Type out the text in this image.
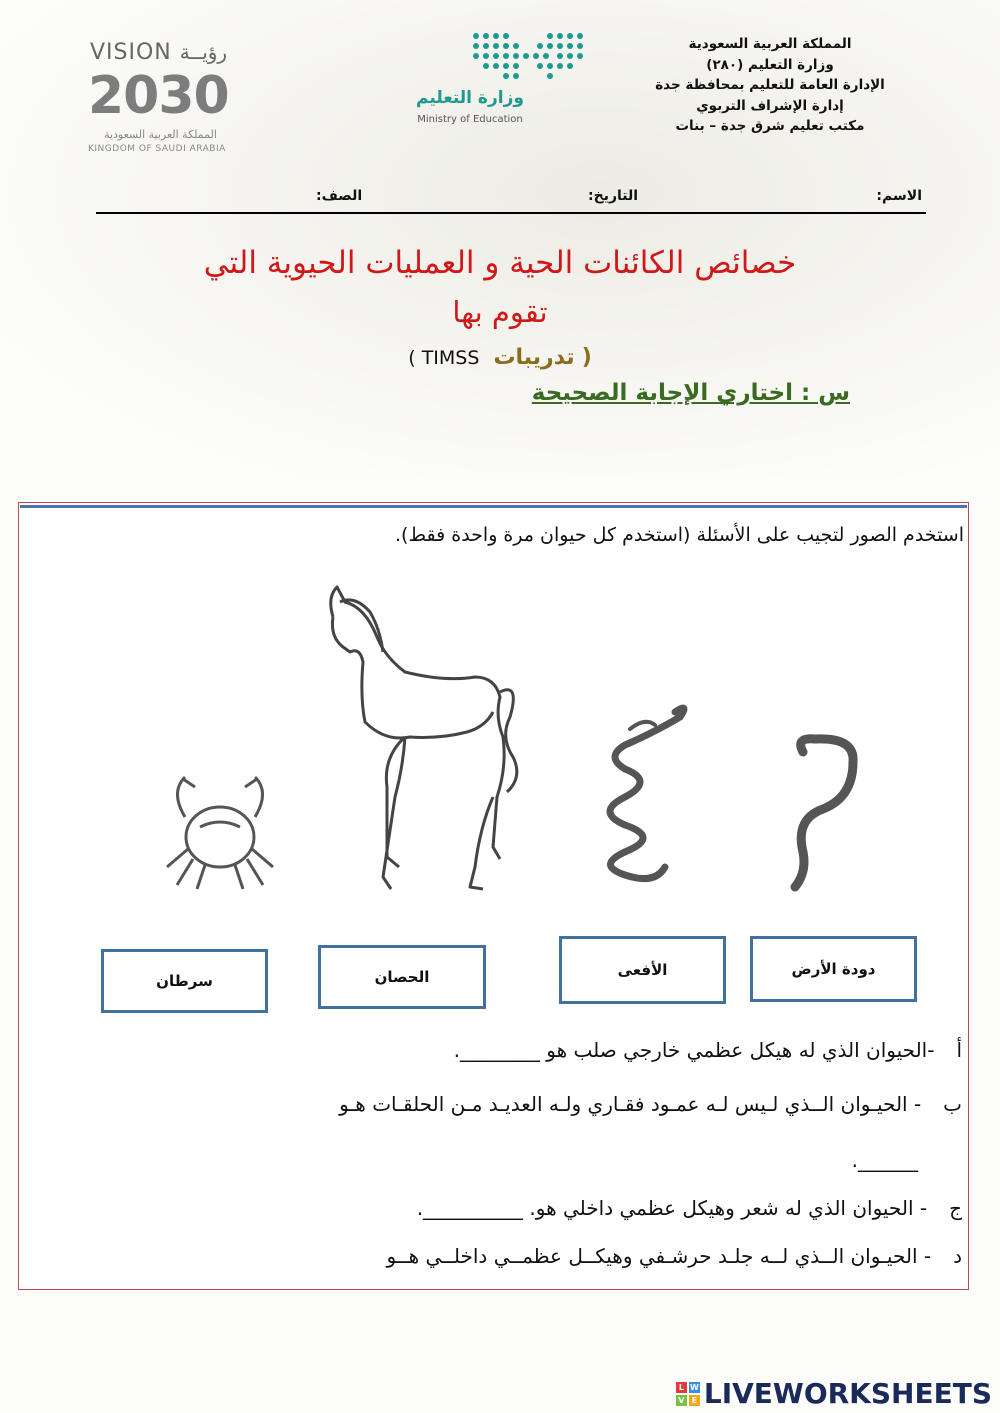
VISION رؤيــة
2030
المملكة العربية السعودية
KINGDOM OF SAUDI ARABIA
وزارة التعليم
Ministry of Education
المملكة العربية السعودية
وزارة التعليم (٢٨٠)
الإدارة العامة للتعليم بمحافظة جدة
إدارة الإشراف التربوي
مكتب تعليم شرق جدة – بنات
الاسم:
التاريخ:
الصف:
خصائص الكائنات الحية و العمليات الحيوية التي
تقوم بها
( تدريبات  TIMSS )
س : اختاري الإجابة الصحيحة
استخدم الصور لتجيب على الأسئلة (استخدم كل حيوان مرة واحدة فقط).
سرطان	الحصان	الأفعى	دودة الأرض
أ-الحيوان الذي له هيكل عظمي خارجي صلب هو ________.
ب- الحيـوان الــذي لـيس لـه عمـود فقـاري ولـه العديـد مـن الحلقـات هـو
______.
ج- الحيوان الذي له شعر وهيكل عظمي داخلي هو. __________.
د- الحيـوان الــذي لــه جلـد حرشـفي وهيكــل عظمــي داخلــي هــو
L W
V E LIVEWORKSHEETS
